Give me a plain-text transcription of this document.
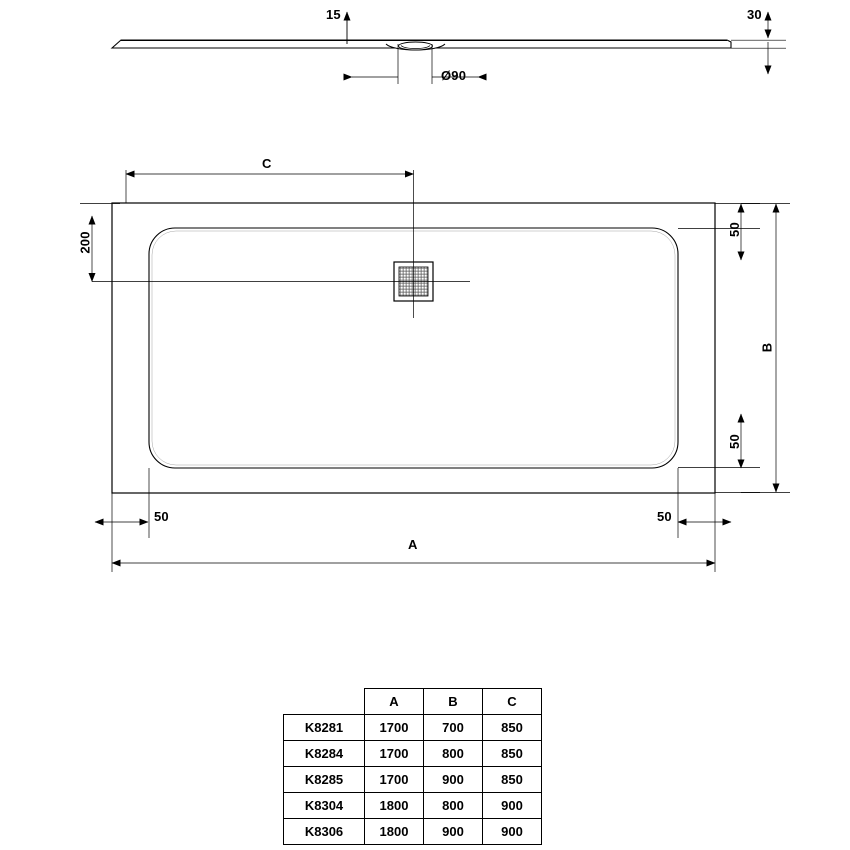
15	30
Ø90
C
200
50
50
B
50	50
A
	A	B	C
K8281	1700	700	850
K8284	1700	800	850
K8285	1700	900	850
K8304	1800	800	900
K8306	1800	900	900
